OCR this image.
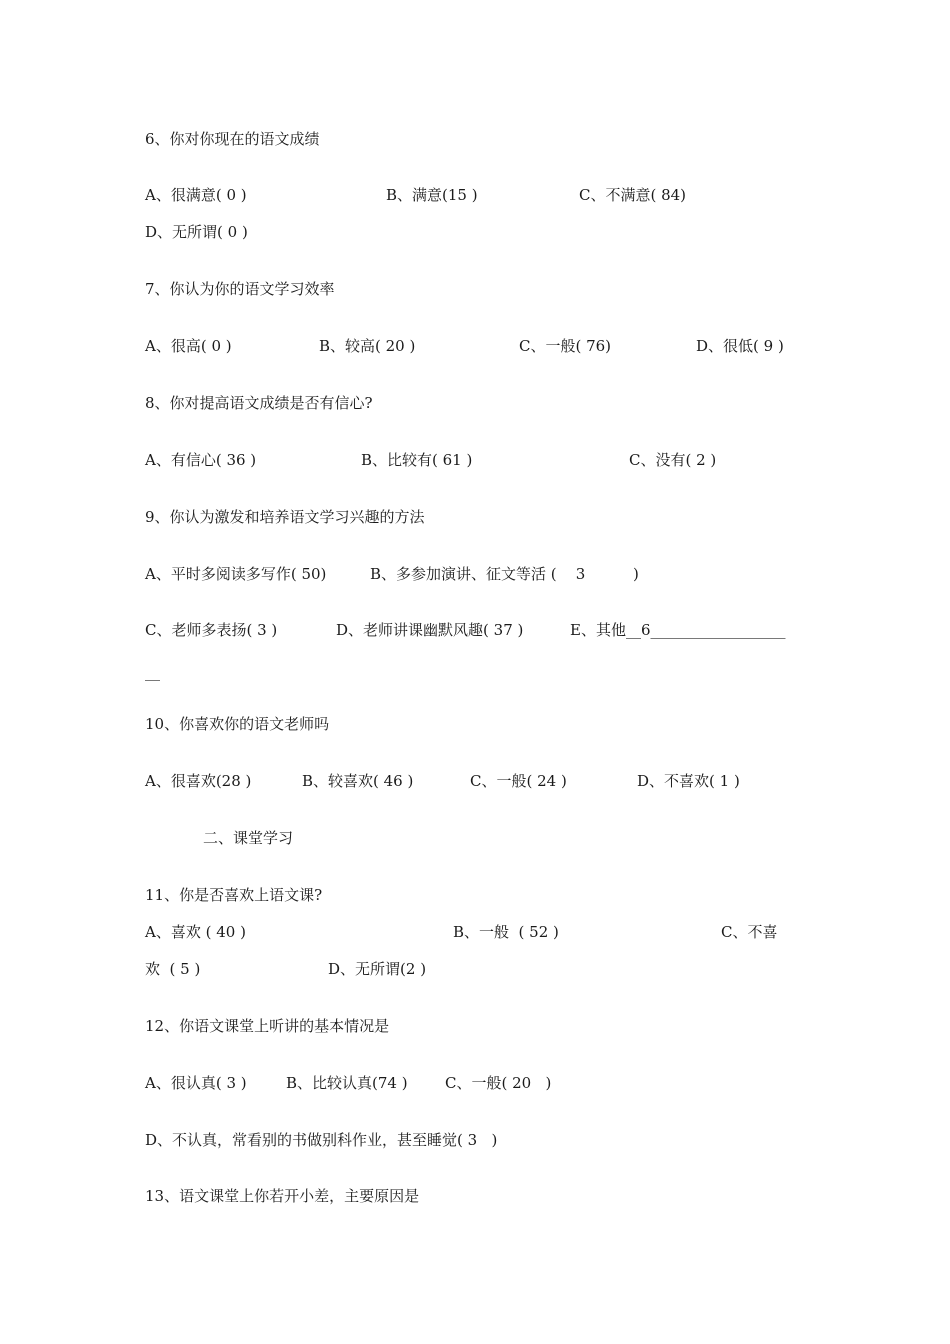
6、你对你现在的语文成绩
A、很满意( 0 )	B、满意(15 )	C、不满意( 84)
D、无所谓( 0 )
7、你认为你的语文学习效率
A、很高( 0 )	B、较高( 20 )	C、一般( 76)	D、很低( 9 )
8、你对提高语文成绩是否有信心?
A、有信心( 36 )	B、比较有( 61 )	C、没有( 2 )
9、你认为激发和培养语文学习兴趣的方法
A、平时多阅读多写作( 50)	B、多参加演讲、征文等活 (    3          )
C、老师多表扬( 3 )	D、老师讲课幽默风趣( 37 )	E、其他__6__________________
__
10、你喜欢你的语文老师吗
A、很喜欢(28 )	B、较喜欢( 46 )	C、一般( 24 )	D、不喜欢( 1 )
二、课堂学习
11、你是否喜欢上语文课?
A、喜欢 ( 40 )	B、一般  ( 52 )	C、不喜
欢  ( 5 )	D、无所谓(2 )
12、你语文课堂上听讲的基本情况是
A、很认真( 3 )	B、比较认真(74 ) C、一般( 20   )
D、不认真，常看别的书做别科作业，甚至睡觉( 3   )
13、语文课堂上你若开小差，主要原因是
